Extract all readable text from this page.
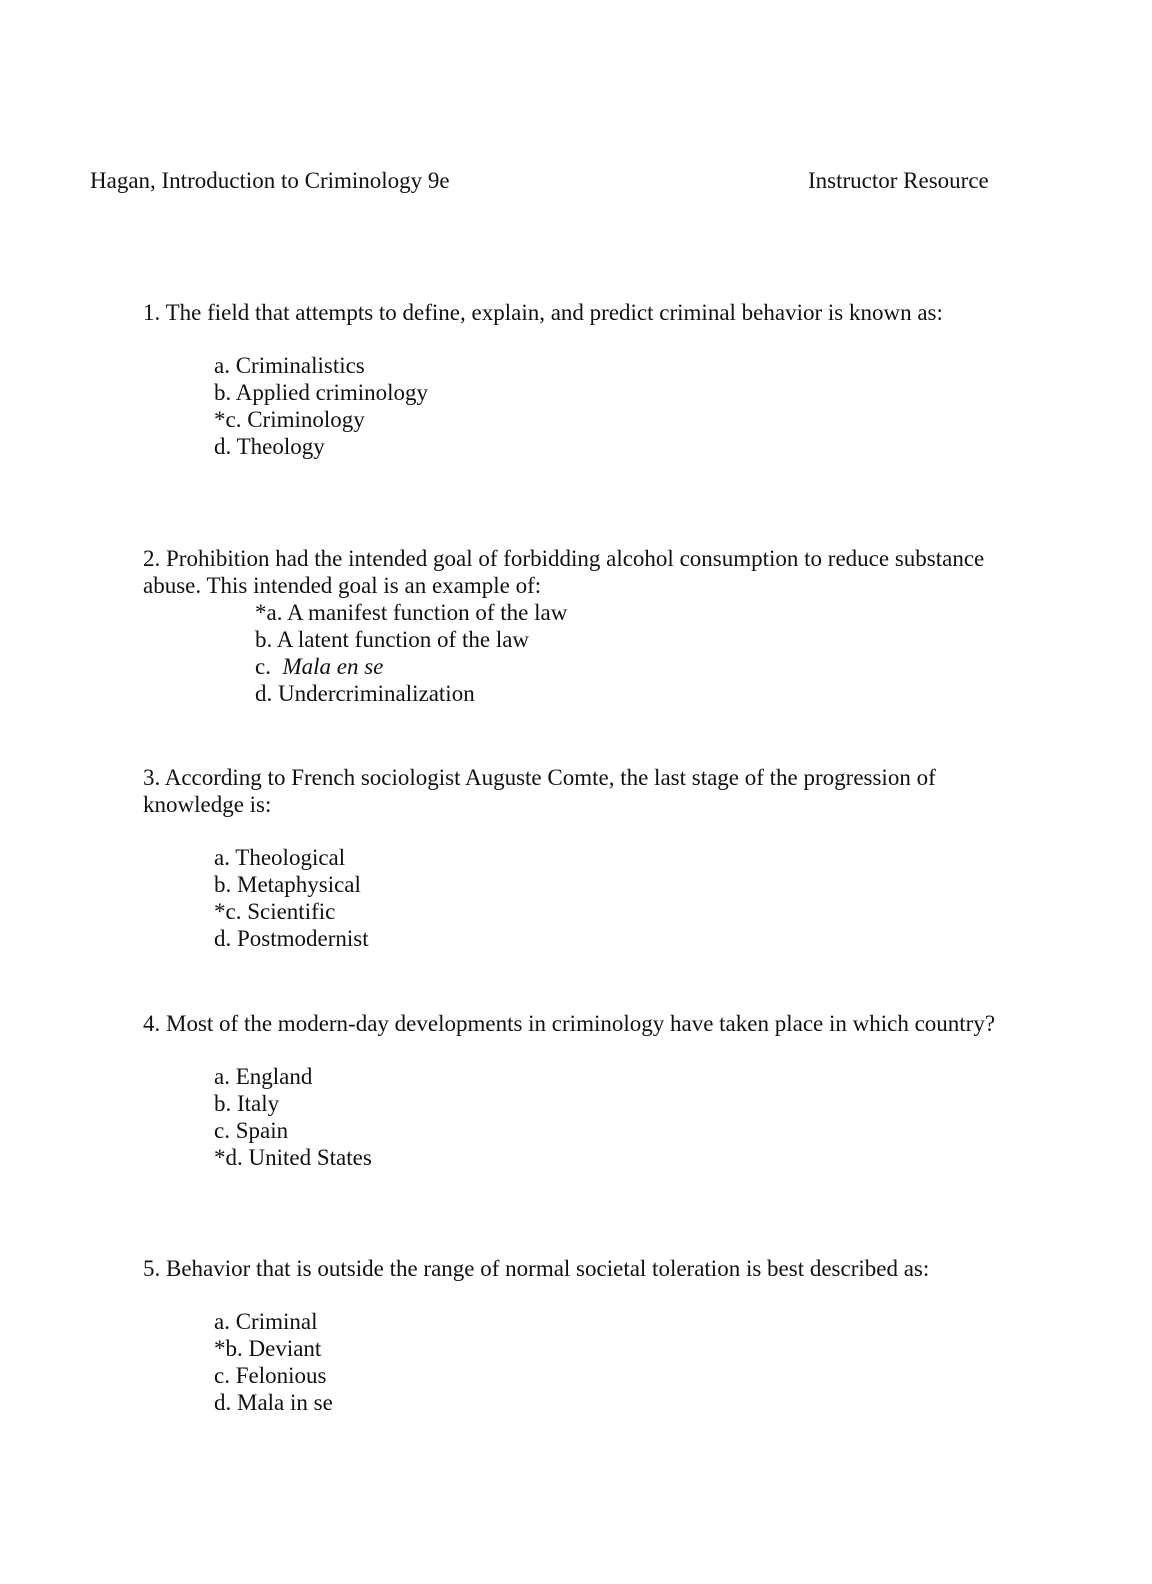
Hagan, Introduction to Criminology 9e	Instructor Resource

1. The field that attempts to define, explain, and predict criminal behavior is known as:

a. Criminalistics
b. Applied criminology
*c. Criminology
d. Theology

2. Prohibition had the intended goal of forbidding alcohol consumption to reduce substance abuse. This intended goal is an example of:

*a. A manifest function of the law
b. A latent function of the law
c. Mala en se
d. Undercriminalization

3. According to French sociologist Auguste Comte, the last stage of the progression of knowledge is:

a. Theological
b. Metaphysical
*c. Scientific
d. Postmodernist

4. Most of the modern-day developments in criminology have taken place in which country?

a. England
b. Italy
c. Spain
*d. United States

5. Behavior that is outside the range of normal societal toleration is best described as:

a. Criminal
*b. Deviant
c. Felonious
d. Mala in se
